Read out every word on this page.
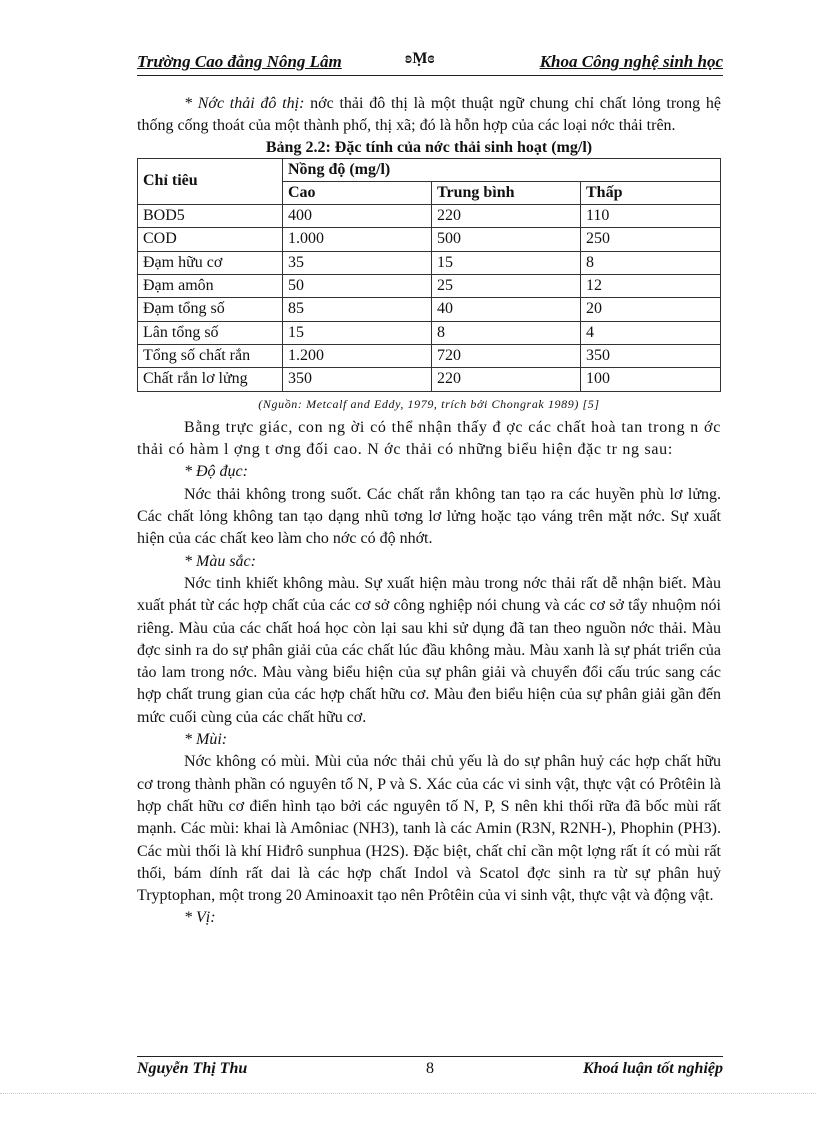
Trường Cao đẳng Nông Lâm	ʚṂɞ	Khoa Công nghệ sinh học

* Nớc thải đô thị: nớc thải đô thị là một thuật ngữ chung chỉ chất lỏng trong hệ thống cống thoát của một thành phố, thị xã; đó là hỗn hợp của các loại nớc thải trên.

Bảng 2.2: Đặc tính của nớc thải sinh hoạt (mg/l)

Chỉ tiêu	Nồng độ (mg/l)		
	Cao	Trung bình	Thấp
BOD5	400	220	110
COD	1.000	500	250
Đạm hữu cơ	35	15	8
Đạm amôn	50	25	12
Đạm tổng số	85	40	20
Lân tổng số	15	8	4
Tổng số chất rắn	1.200	720	350
Chất rắn lơ lửng	350	220	100

(Nguồn: Metcalf and Eddy, 1979, trích bởi Chongrak 1989) [5]

Bằng trực giác, con ng ời có thể nhận thấy đ ợc các chất hoà tan trong n ớc thải có hàm l ợng t ơng đối cao. N ớc thải có những biểu hiện đặc tr ng sau:

* Độ đục:

Nớc thải không trong suốt. Các chất rắn không tan tạo ra các huyền phù lơ lửng. Các chất lỏng không tan tạo dạng nhũ tơng lơ lửng hoặc tạo váng trên mặt nớc. Sự xuất hiện của các chất keo làm cho nớc có độ nhớt.

* Màu sắc:

Nớc tinh khiết không màu. Sự xuất hiện màu trong nớc thải rất dễ nhận biết. Màu xuất phát từ các hợp chất của các cơ sở công nghiệp nói chung và các cơ sở tẩy nhuộm nói riêng. Màu của các chất hoá học còn lại sau khi sử dụng đã tan theo nguồn nớc thải. Màu đợc sinh ra do sự phân giải của các chất lúc đầu không màu. Màu xanh là sự phát triển của tảo lam trong nớc. Màu vàng biểu hiện của sự phân giải và chuyển đổi cấu trúc sang các hợp chất trung gian của các hợp chất hữu cơ. Màu đen biểu hiện của sự phân giải gần đến mức cuối cùng của các chất hữu cơ.

* Mùi:

Nớc không có mùi. Mùi của nớc thải chủ yếu là do sự phân huỷ các hợp chất hữu cơ trong thành phần có nguyên tố N, P và S. Xác của các vi sinh vật, thực vật có Prôtêin là hợp chất hữu cơ điển hình tạo bởi các nguyên tố N, P, S nên khi thối rữa đã bốc mùi rất mạnh. Các mùi: khai là Amôniac (NH3), tanh là các Amin (R3N, R2NH-), Phophin (PH3). Các mùi thối là khí Hiđrô sunphua (H2S). Đặc biệt, chất chỉ cần một lợng rất ít có mùi rất thối, bám dính rất dai là các hợp chất Indol và Scatol đợc sinh ra từ sự phân huỷ Tryptophan, một trong 20 Aminoaxit tạo nên Prôtêin của vi sinh vật, thực vật và động vật.

* Vị:

Nguyễn Thị Thu	8	Khoá luận tốt nghiệp
